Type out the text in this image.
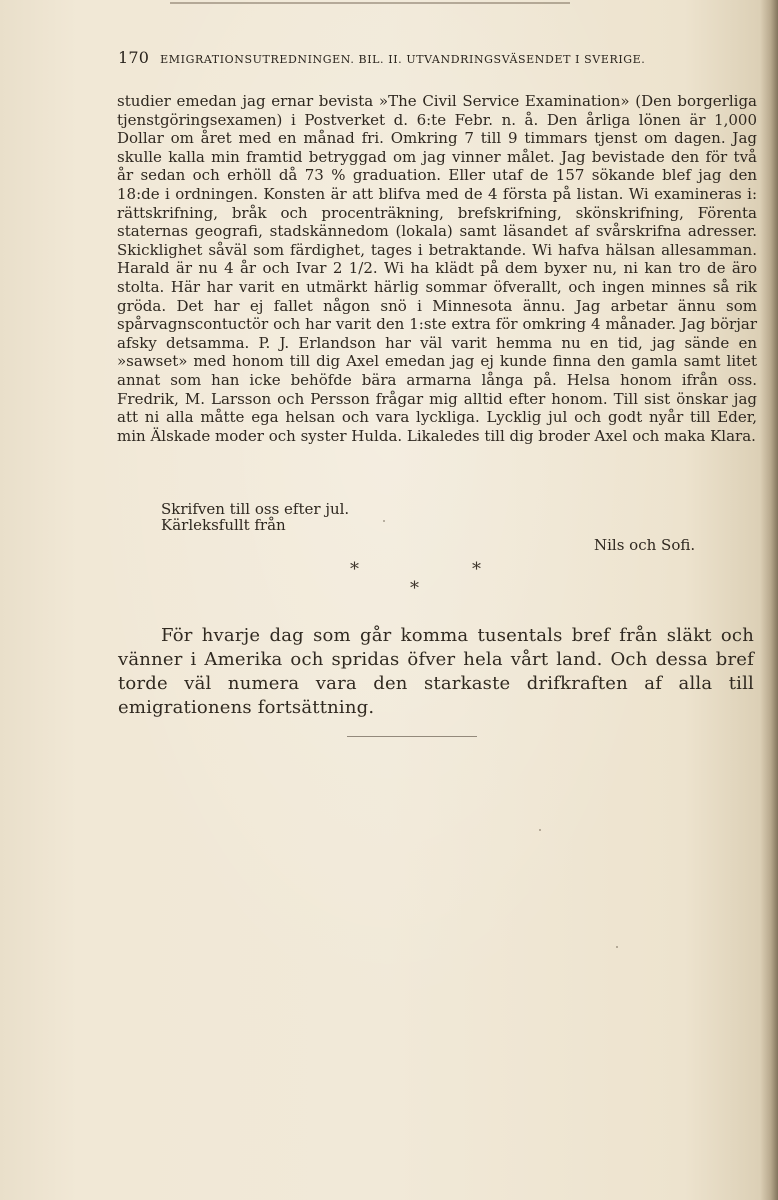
170 EMIGRATIONSUTREDNINGEN. BIL. II. UTVANDRINGSVÄSENDET I SVERIGE.

studier emedan jag ernar bevista »The Civil Service Examination» (Den borgerliga tjenstgöringsexamen) i Postverket d. 6:te Febr. n. å. Den årliga lönen är 1,000 Dollar om året med en månad fri. Omkring 7 till 9 timmars tjenst om dagen. Jag skulle kalla min framtid betryggad om jag vinner målet. Jag bevistade den för två år sedan och erhöll då 73 % graduation. Eller utaf de 157 sökande blef jag den 18:de i ordningen. Konsten är att blifva med de 4 första på listan. Wi examineras i: rättskrifning, bråk och procenträkning, brefskrifning, skönskrifning, Förenta staternas geografi, stadskännedom (lokala) samt läsandet af svårskrifna adresser. Skicklighet såväl som färdighet, tages i betraktande. Wi hafva hälsan allesamman. Harald är nu 4 år och Ivar 2 1/2. Wi ha klädt på dem byxer nu, ni kan tro de äro stolta. Här har varit en utmärkt härlig sommar öfverallt, och ingen minnes så rik gröda. Det har ej fallet någon snö i Minnesota ännu. Jag arbetar ännu som spårvagnscontuctör och har varit den 1:ste extra för omkring 4 månader. Jag börjar afsky detsamma. P. J. Erlandson har väl varit hemma nu en tid, jag sände en »sawset» med honom till dig Axel emedan jag ej kunde finna den gamla samt litet annat som han icke behöfde bära armarna långa på. Helsa honom ifrån oss. Fredrik, M. Larsson och Persson frågar mig alltid efter honom. Till sist önskar jag att ni alla måtte ega helsan och vara lyckliga. Lycklig jul och godt nyår till Eder, min Älskade moder och syster Hulda. Likaledes till dig broder Axel och maka Klara.

Skrifven till oss efter jul.
Kärleksfullt från
Nils och Sofi.
*	*
*

För hvarje dag som går komma tusentals bref från släkt och vänner i Amerika och spridas öfver hela vårt land. Och dessa bref torde väl numera vara den starkaste drifkraften af alla till emigrationens fortsättning.
